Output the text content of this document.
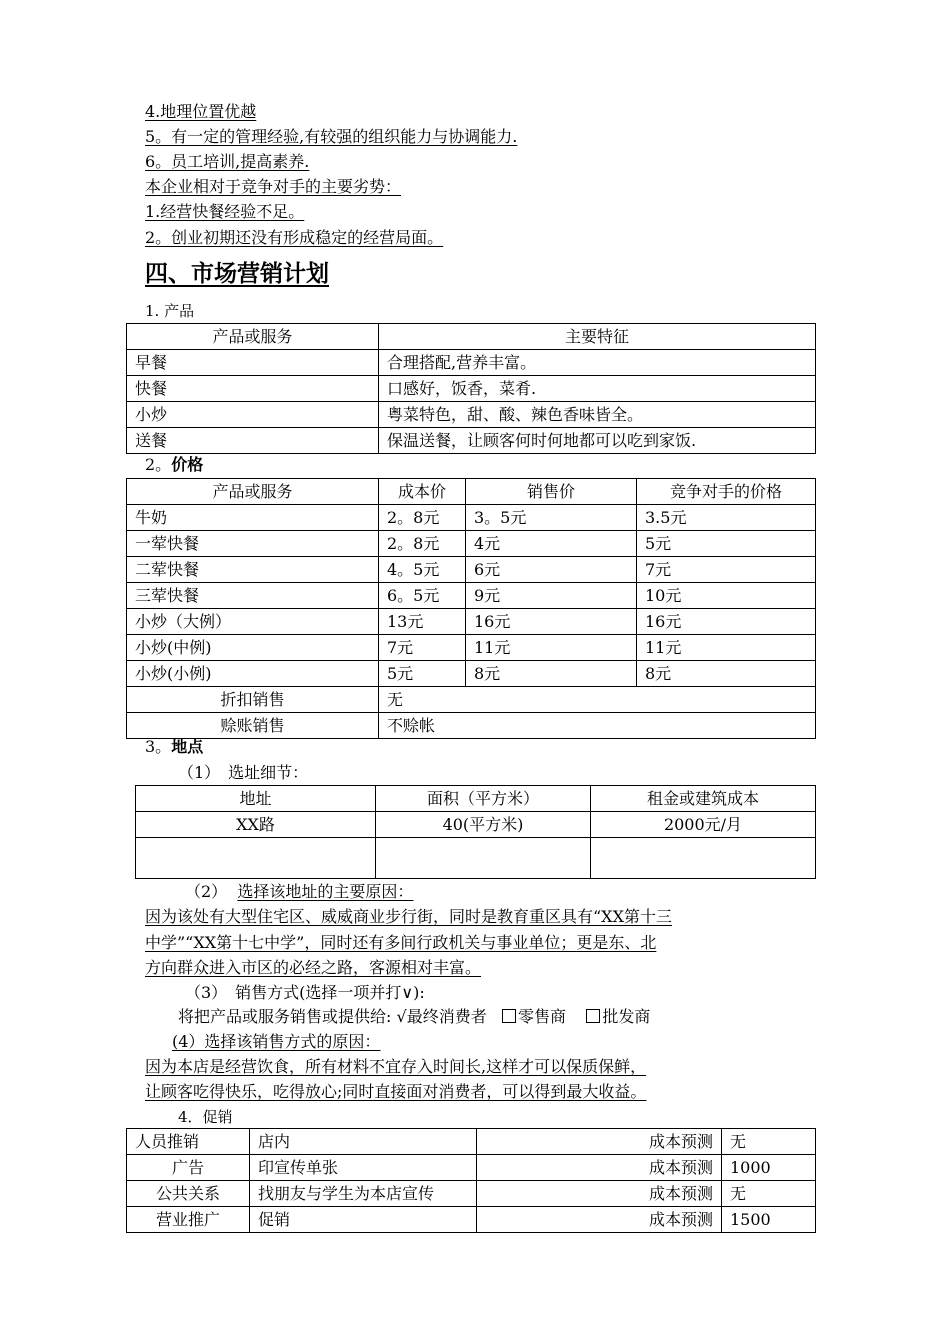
4.地理位置优越
5。有一定的管理经验,有较强的组织能力与协调能力.
6。员工培训,提高素养.
本企业相对于竞争对手的主要劣势：
1.经营快餐经验不足。
2。创业初期还没有形成稳定的经营局面。
四、市场营销计划
1. 产品
产品或服务	主要特征
早餐	合理搭配,营养丰富。
快餐	口感好，饭香，菜肴.
小炒	粤菜特色，甜、酸、辣色香味皆全。
送餐	保温送餐，让顾客何时何地都可以吃到家饭.
2。价格
产品或服务	成本价	销售价	竞争对手的价格
牛奶	2。8元	3。5元	3.5元
一荤快餐	2。8元	4元	5元
二荤快餐	4。5元	6元	7元
三荤快餐	6。5元	9元	10元
小炒（大例）	13元	16元	16元
小炒(中例)	7元	11元	11元
小炒(小例)	5元	8元	8元
折扣销售	无		
赊账销售	不赊帐		
3。地点
（1）　选址细节：
地址	面积（平方米）	租金或建筑成本
XX路	40(平方米)	2000元/月

（2） 选择该地址的主要原因：
因为该处有大型住宅区、威威商业步行街，同时是教育重区具有“XX第十三
中学”“XX第十七中学”，同时还有多间行政机关与事业单位；更是东、北
方向群众进入市区的必经之路，客源相对丰富。
（3）　销售方式(选择一项并打∨):
将把产品或服务销售或提供给: √最终消费者 零售商 批发商
(4）选择该销售方式的原因：
因为本店是经营饮食，所有材料不宜存入时间长,这样才可以保质保鲜，
让顾客吃得快乐，吃得放心;同时直接面对消费者，可以得到最大收益。
4．促销
人员推销	店内	成本预测	无
广告	印宣传单张	成本预测	1000
公共关系	找朋友与学生为本店宣传	成本预测	无
营业推广	促销	成本预测	1500
